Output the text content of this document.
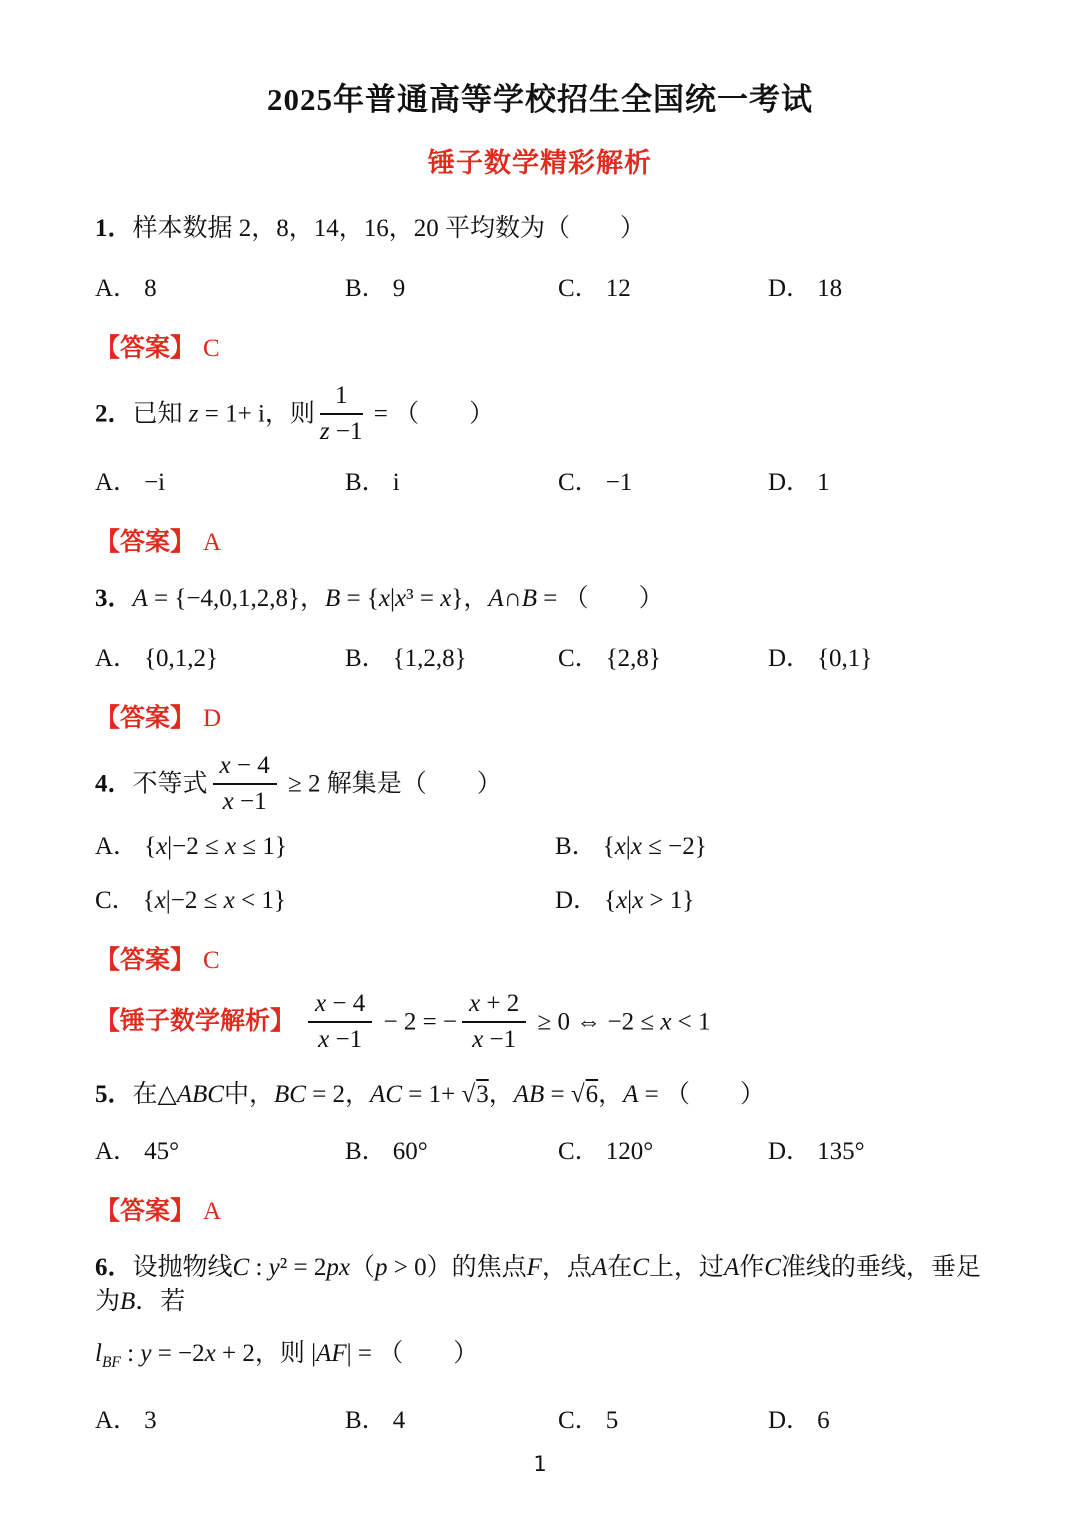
2025年普通高等学校招生全国统一考试
锤子数学精彩解析
1．样本数据 2，8，14，16，20 平均数为（　　）
A． 8	B． 9	C． 12	D． 18
【答案】 C
2．已知 z = 1+ i，则 $\frac{1}{z -1}$ = （　　）
A． −i	B． i	C． −1	D． 1
【答案】 A
3．A = {−4,0,1,2,8}，B = {x|x³ = x}，A∩B = （　　）
A． {0,1,2}	B． {1,2,8}	C． {2,8}	D． {0,1}
【答案】 D
4．不等式 $\frac{x - 4}{x -1} \ge 2$ 解集是（　　）
A． {x|−2 ≤ x ≤ 1}	B． {x|x ≤ −2}
C． {x|−2 ≤ x < 1}	D． {x|x > 1}
【答案】 C
【锤子数学解析】 $\frac{x - 4}{x -1} - 2$ = − $\frac{x + 2}{x -1} \ge 0$ ⇔ −2 ≤ x < 1
5．在△ABC中，BC = 2，AC = 1+ √3，AB = √6，A = （　　）
A． 45°	B． 60°	C． 120°	D． 135°
【答案】 A
6．设抛物线C : y² = 2px（p > 0）的焦点F，点A在C上，过A作C准线的垂线，垂足为B．若
$l_{BF}$ : y = −2x + 2，则 |AF| = （　　）
A． 3	B． 4	C． 5	D． 6
1
